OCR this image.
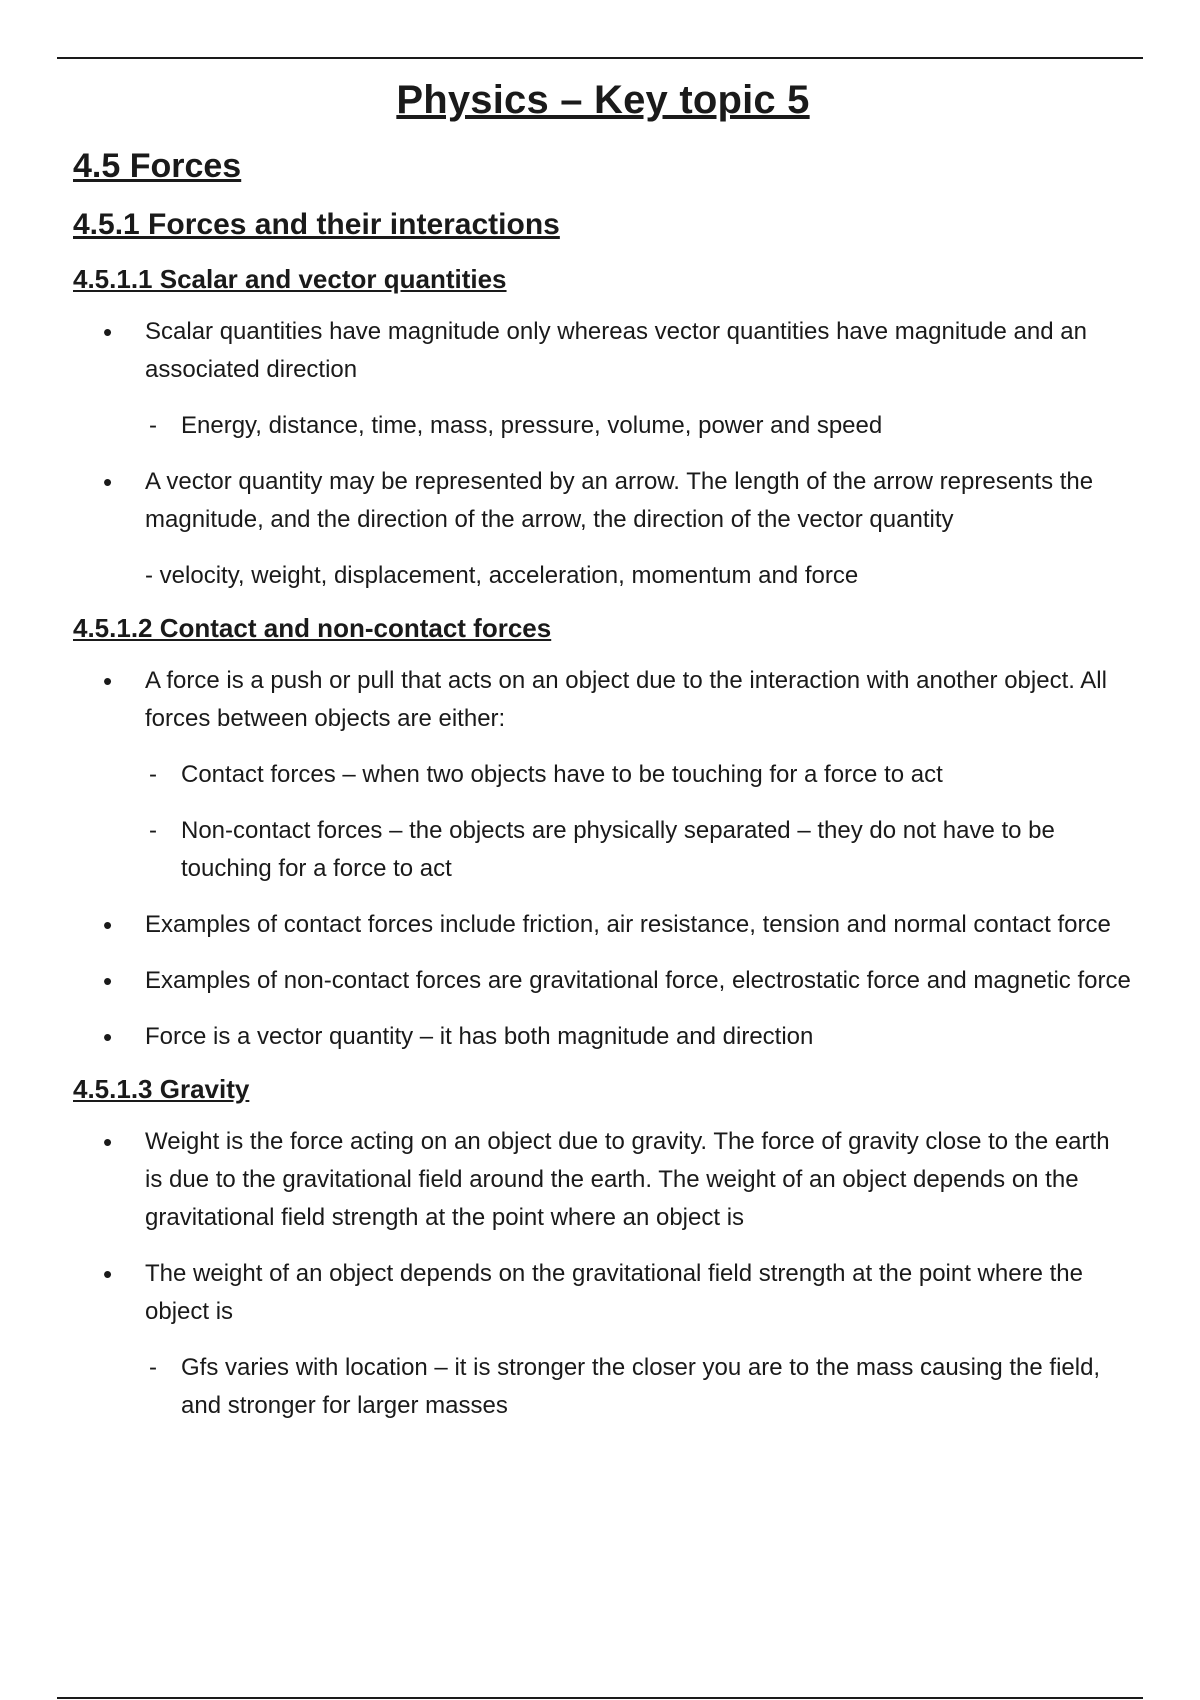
Physics – Key topic 5
4.5 Forces
4.5.1 Forces and their interactions
4.5.1.1 Scalar and vector quantities
• Scalar quantities have magnitude only whereas vector quantities have magnitude and an associated direction
- Energy, distance, time, mass, pressure, volume, power and speed
• A vector quantity may be represented by an arrow. The length of the arrow represents the magnitude, and the direction of the arrow, the direction of the vector quantity
- velocity, weight, displacement, acceleration, momentum and force
4.5.1.2 Contact and non-contact forces
• A force is a push or pull that acts on an object due to the interaction with another object. All forces between objects are either:
- Contact forces – when two objects have to be touching for a force to act
- Non-contact forces – the objects are physically separated – they do not have to be touching for a force to act
• Examples of contact forces include friction, air resistance, tension and normal contact force
• Examples of non-contact forces are gravitational force, electrostatic force and magnetic force
• Force is a vector quantity – it has both magnitude and direction
4.5.1.3 Gravity
• Weight is the force acting on an object due to gravity. The force of gravity close to the earth is due to the gravitational field around the earth. The weight of an object depends on the gravitational field strength at the point where an object is
• The weight of an object depends on the gravitational field strength at the point where the object is
- Gfs varies with location – it is stronger the closer you are to the mass causing the field, and stronger for larger masses
